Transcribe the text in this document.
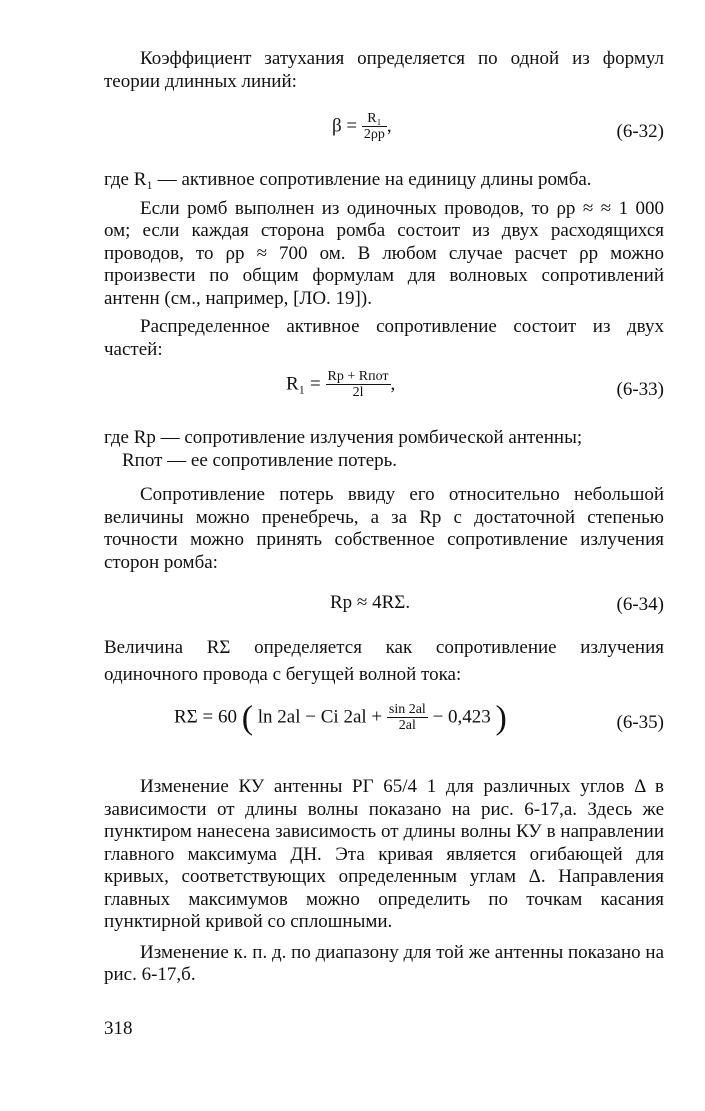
Коэффициент затухания определяется по одной из формул теории длинных линий:

$\beta = \frac{\text{R₁}}{2\rho р}$ ,	(6-32)

где R₁ — активное сопротивление на единицу длины ромба.

Если ромб выполнен из одиночных проводов, то ρр ≈ ≈ 1 000 ом; если каждая сторона ромба состоит из двух расходящихся проводов, то ρр ≈ 700 ом. В любом случае расчет ρр можно произвести по общим формулам для волновых сопротивлений антенн (см., например, [ЛО. 19]).

Распределенное активное сопротивление состоит из двух частей:

$R_1 = \frac{\text{Rр + Rпот}}{2l}$ ,	(6-33)

где Rр — сопротивление излучения ромбической антенны;

Rпот — ее сопротивление потерь.

Сопротивление потерь ввиду его относительно небольшой величины можно пренебречь, а за Rр с достаточной степенью точности можно принять собственное сопротивление излучения сторон ромба:

Rр ≈ 4RΣ.	(6-34)

Величина RΣ определяется как сопротивление излучения одиночного провода с бегущей волной тока:

RΣ = 60 ( ln 2al − Ci $2al + \frac{\sin 2al}{2al} - 0,423$ )	(6-35)

Изменение КУ антенны РГ 65/4 1 для различных углов Δ в зависимости от длины волны показано на рис. 6-17,а. Здесь же пунктиром нанесена зависимость от длины волны КУ в направлении главного максимума ДН. Эта кривая является огибающей для кривых, соответствующих определенным углам Δ. Направления главных максимумов можно определить по точкам касания пунктирной кривой со сплошными.

Изменение к. п. д. по диапазону для той же антенны показано на рис. 6-17,б.

318
